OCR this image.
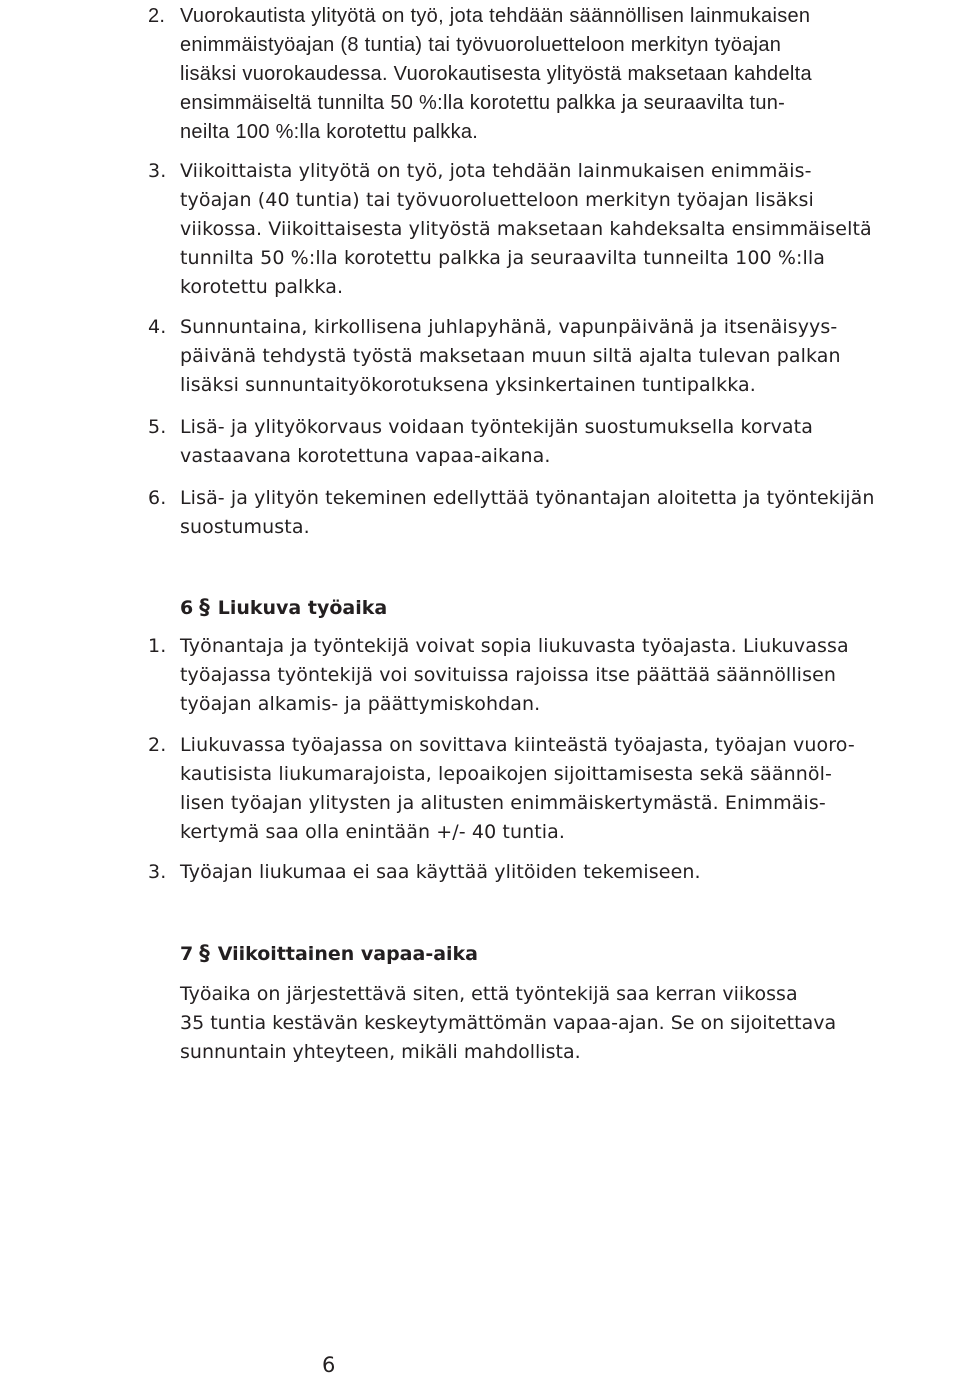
2. Vuorokautista ylityötä on työ, jota tehdään säännöllisen lainmukaisen
enimmäistyöajan (8 tuntia) tai työvuoroluetteloon merkityn työajan
lisäksi vuorokaudessa. Vuorokautisesta ylityöstä maksetaan kahdelta
ensimmäiseltä tunnilta 50 %:lla korotettu palkka ja seuraavilta tun-
neilta 100 %:lla korotettu palkka.
3. Viikoittaista ylityötä on työ, jota tehdään lainmukaisen enimmäis-
työajan (40 tuntia) tai työvuoroluetteloon merkityn työajan lisäksi
viikossa. Viikoittaisesta ylityöstä maksetaan kahdeksalta ensimmäiseltä
tunnilta 50 %:lla korotettu palkka ja seuraavilta tunneilta 100 %:lla
korotettu palkka.
4. Sunnuntaina, kirkollisena juhlapyhänä, vapunpäivänä ja itsenäisyys-
päivänä tehdystä työstä maksetaan muun siltä ajalta tulevan palkan
lisäksi sunnuntaityökorotuksena yksinkertainen tuntipalkka.
5. Lisä- ja ylityökorvaus voidaan työntekijän suostumuksella korvata
vastaavana korotettuna vapaa-aikana.
6. Lisä- ja ylityön tekeminen edellyttää työnantajan aloitetta ja työntekijän
suostumusta.
6 § Liukuva työaika
1. Työnantaja ja työntekijä voivat sopia liukuvasta työajasta. Liukuvassa
työajassa työntekijä voi sovituissa rajoissa itse päättää säännöllisen
työajan alkamis- ja päättymiskohdan.
2. Liukuvassa työajassa on sovittava kiinteästä työajasta, työajan vuoro-
kautisista liukumarajoista, lepoaikojen sijoittamisesta sekä säännöl-
lisen työajan ylitysten ja alitusten enimmäiskertymästä. Enimmäis-
kertymä saa olla enintään +/- 40 tuntia.
3. Työajan liukumaa ei saa käyttää ylitöiden tekemiseen.
7 § Viikoittainen vapaa-aika
Työaika on järjestettävä siten, että työntekijä saa kerran viikossa
35 tuntia kestävän keskeytymättömän vapaa-ajan. Se on sijoitettava
sunnuntain yhteyteen, mikäli mahdollista.
6
